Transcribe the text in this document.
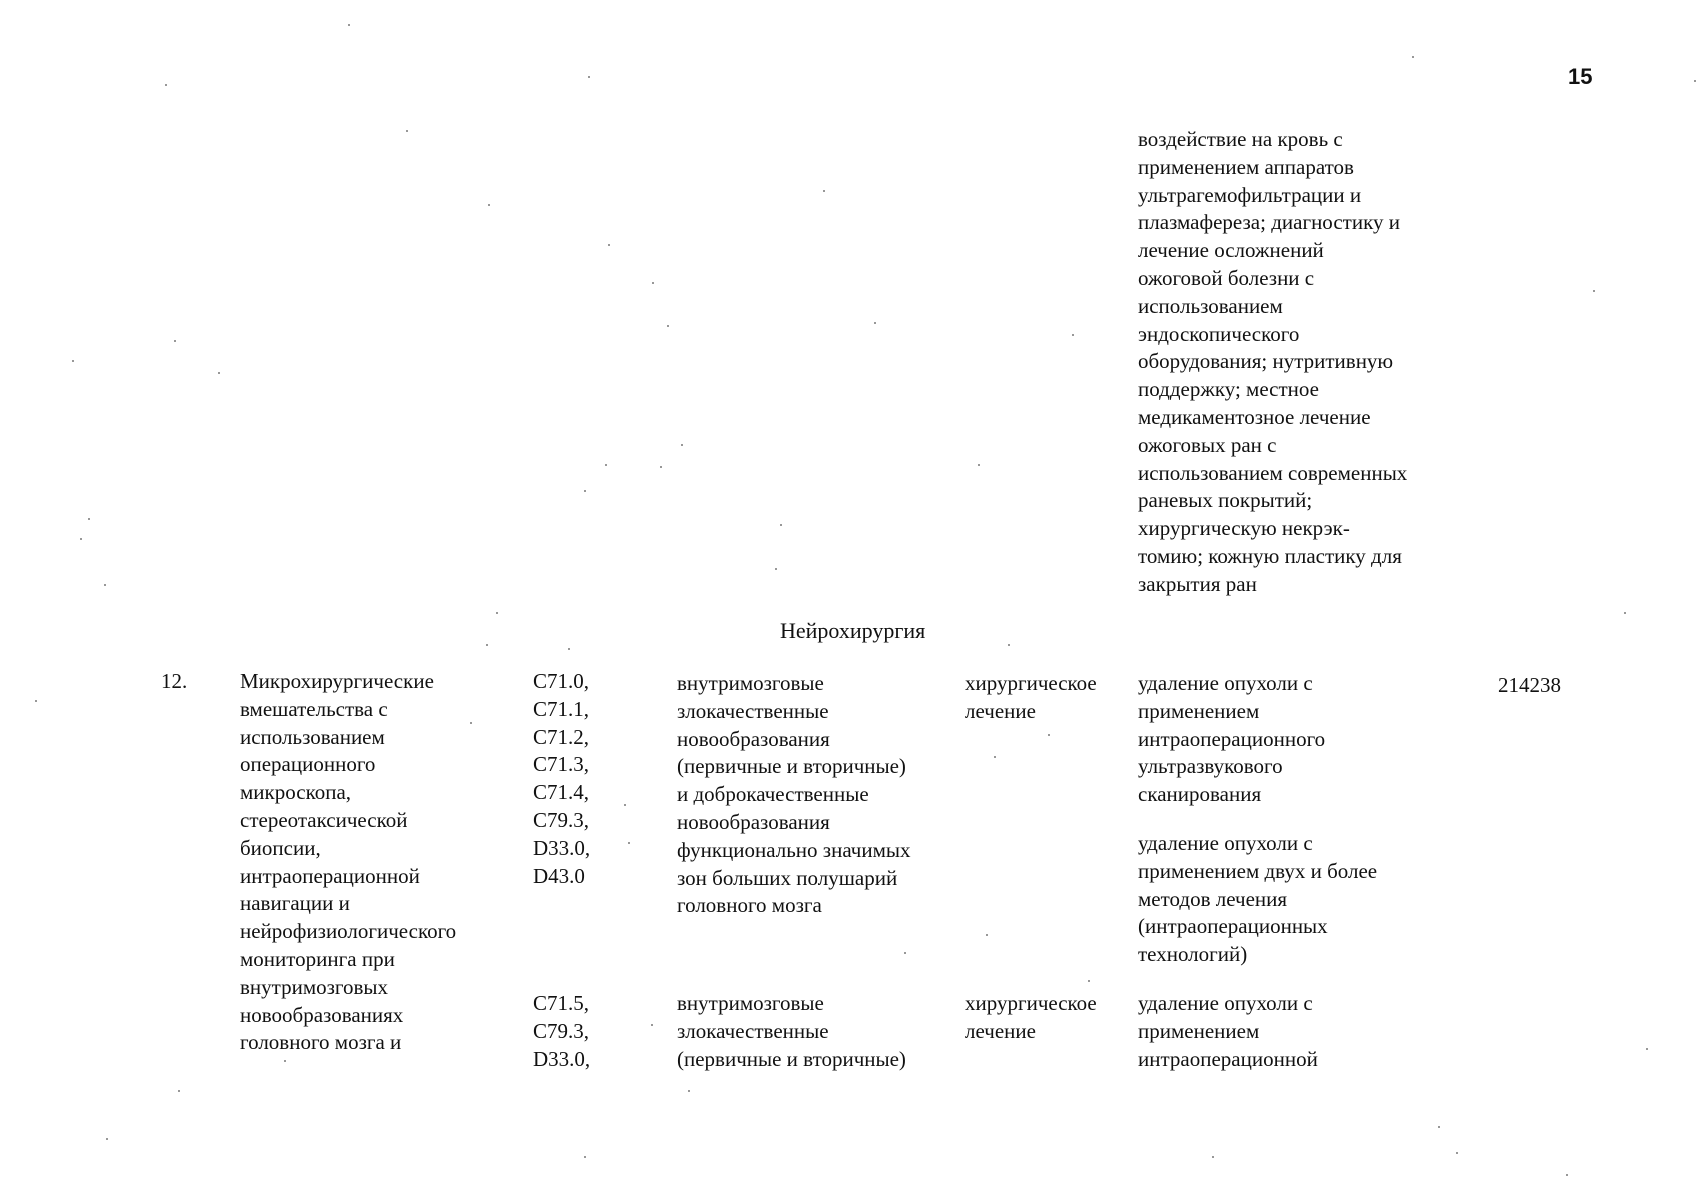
15
воздействие на кровь с
применением аппаратов
ультрагемофильтрации и
плазмафереза; диагностику и
лечение осложнений
ожоговой болезни с
использованием
эндоскопического
оборудования; нутритивную
поддержку; местное
медикаментозное лечение
ожоговых ран с
использованием современных
раневых покрытий;
хирургическую некрэк-
томию; кожную пластику для
закрытия ран
Нейрохирургия
12.	Микрохирургические
вмешательства с
использованием
операционного
микроскопа,
стереотаксической
биопсии,
интраоперационной
навигации и
нейрофизиологического
мониторинга при
внутримозговых
новообразованиях
головного мозга и
214238
C71.0,
C71.1,
C71.2,
C71.3,
C71.4,
C79.3,
D33.0,
D43.0
внутримозговые
злокачественные
новообразования
(первичные и вторичные)
и доброкачественные
новообразования
функционально значимых
зон больших полушарий
головного мозга
хирургическое
лечение
удаление опухоли с
применением
интраоперационного
ультразвукового
сканирования
удаление опухоли с
применением двух и более
методов лечения
(интраоперационных
технологий)
C71.5,
C79.3,
D33.0,
внутримозговые
злокачественные
(первичные и вторичные)
хирургическое
лечение
удаление опухоли с
применением
интраоперационной
